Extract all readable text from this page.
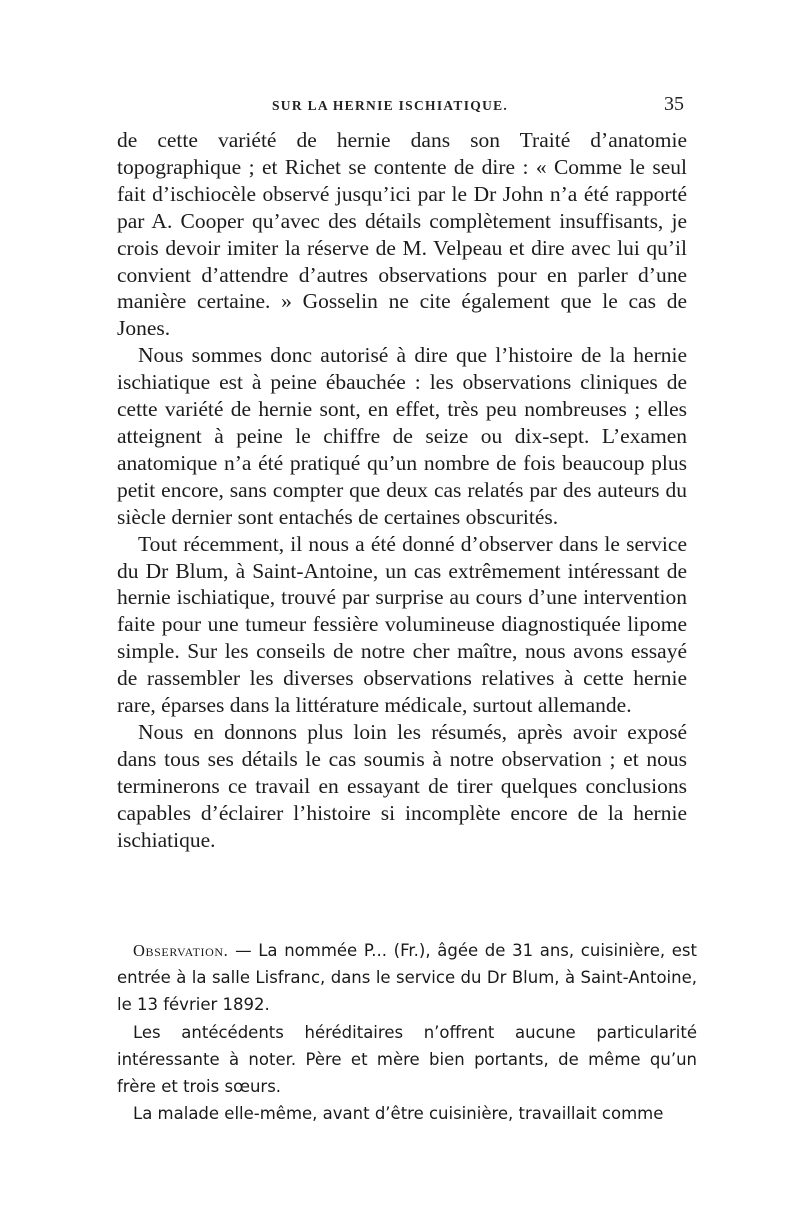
SUR LA HERNIE ISCHIATIQUE.	35

de cette variété de hernie dans son Traité d’anatomie topographique ; et Richet se contente de dire : « Comme le seul fait d’ischiocèle observé jusqu’ici par le Dr John n’a été rapporté par A. Cooper qu’avec des détails complètement insuffisants, je crois devoir imiter la réserve de M. Velpeau et dire avec lui qu’il convient d’attendre d’autres observations pour en parler d’une manière certaine. » Gosselin ne cite également que le cas de Jones.

Nous sommes donc autorisé à dire que l’histoire de la hernie ischiatique est à peine ébauchée : les observations cliniques de cette variété de hernie sont, en effet, très peu nombreuses ; elles atteignent à peine le chiffre de seize ou dix-sept. L’examen anatomique n’a été pratiqué qu’un nombre de fois beaucoup plus petit encore, sans compter que deux cas relatés par des auteurs du siècle dernier sont entachés de certaines obscurités.

Tout récemment, il nous a été donné d’observer dans le service du Dr Blum, à Saint-Antoine, un cas extrêmement intéressant de hernie ischiatique, trouvé par surprise au cours d’une intervention faite pour une tumeur fessière volumineuse diagnostiquée lipome simple. Sur les conseils de notre cher maître, nous avons essayé de rassembler les diverses observations relatives à cette hernie rare, éparses dans la littérature médicale, surtout allemande.

Nous en donnons plus loin les résumés, après avoir exposé dans tous ses détails le cas soumis à notre observation ; et nous terminerons ce travail en essayant de tirer quelques conclusions capables d’éclairer l’histoire si incomplète encore de la hernie ischiatique.

Observation. — La nommée P... (Fr.), âgée de 31 ans, cuisinière, est entrée à la salle Lisfranc, dans le service du Dr Blum, à Saint-Antoine, le 13 février 1892.

Les antécédents héréditaires n’offrent aucune particularité intéressante à noter. Père et mère bien portants, de même qu’un frère et trois sœurs.

La malade elle-même, avant d’être cuisinière, travaillait comme
